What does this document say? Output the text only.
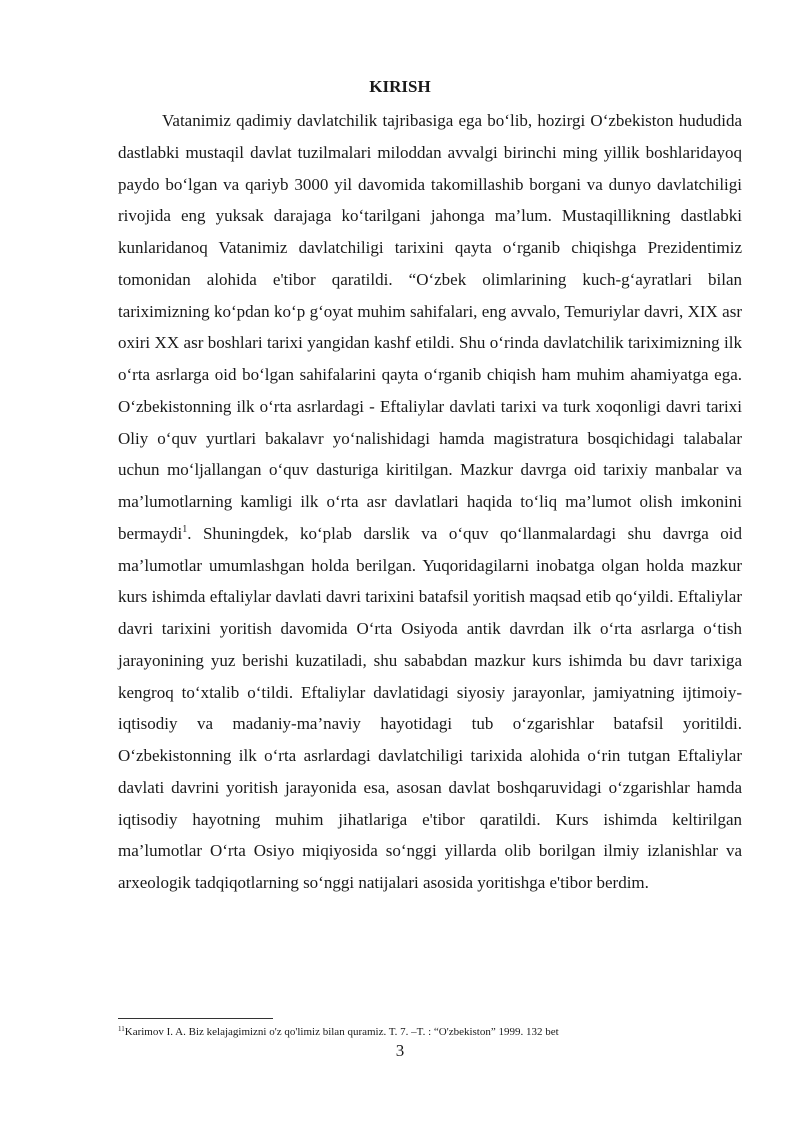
KIRISH

Vatanimiz qadimiy davlatchilik tajribasiga ega bo‘lib, hozirgi O‘zbekiston hududida dastlabki mustaqil davlat tuzilmalari miloddan avvalgi birinchi ming yillik boshlaridayoq paydo bo‘lgan va qariyb 3000 yil davomida takomillashib borgani va dunyo davlatchiligi rivojida eng yuksak darajaga ko‘tarilgani jahonga ma’lum. Mustaqillikning dastlabki kunlaridanoq Vatanimiz davlatchiligi tarixini qayta o‘rganib chiqishga Prezidentimiz tomonidan alohida e'tibor qaratildi. “O‘zbek olimlarining kuch-g‘ayratlari bilan tariximizning ko‘pdan ko‘p g‘oyat muhim sahifalari, eng avvalo, Temuriylar davri, XIX asr oxiri XX asr boshlari tarixi yangidan kashf etildi. Shu o‘rinda davlatchilik tariximizning ilk o‘rta asrlarga oid bo‘lgan sahifalarini qayta o‘rganib chiqish ham muhim ahamiyatga ega. O‘zbekistonning ilk o‘rta asrlardagi - Eftaliylar davlati tarixi va turk xoqonligi davri tarixi Oliy o‘quv yurtlari bakalavr yo‘nalishidagi hamda magistratura bosqichidagi talabalar uchun mo‘ljallangan o‘quv dasturiga kiritilgan. Mazkur davrga oid tarixiy manbalar va ma’lumotlarning kamligi ilk o‘rta asr davlatlari haqida to‘liq ma’lumot olish imkonini bermaydi$^1$. Shuningdek, ko‘plab darslik va o‘quv qo‘llanmalardagi shu davrga oid ma’lumotlar umumlashgan holda berilgan. Yuqoridagilarni inobatga olgan holda mazkur kurs ishimda eftaliylar davlati davri tarixini batafsil yoritish maqsad etib qo‘yildi. Eftaliylar davri tarixini yoritish davomida O‘rta Osiyoda antik davrdan ilk o‘rta asrlarga o‘tish jarayonining yuz berishi kuzatiladi, shu sababdan mazkur kurs ishimda bu davr tarixiga kengroq to‘xtalib o‘tildi. Eftaliylar davlatidagi siyosiy jarayonlar, jamiyatning ijtimoiy-iqtisodiy va madaniy-ma’naviy hayotidagi tub o‘zgarishlar batafsil yoritildi. O‘zbekistonning ilk o‘rta asrlardagi davlatchiligi tarixida alohida o‘rin tutgan Eftaliylar davlati davrini yoritish jarayonida esa, asosan davlat boshqaruvidagi o‘zgarishlar hamda iqtisodiy hayotning muhim jihatlariga e'tibor qaratildi. Kurs ishimda keltirilgan ma’lumotlar O‘rta Osiyo miqiyosida so‘nggi yillarda olib borilgan ilmiy izlanishlar va arxeologik tadqiqotlarning so‘nggi natijalari asosida yoritishga e'tibor berdim.

$^{11}$Karimov I. A. Biz kelajagimizni o'z qo'limiz bilan quramiz. T. 7. –T. : “O'zbekiston” 1999. 132 bet
3
